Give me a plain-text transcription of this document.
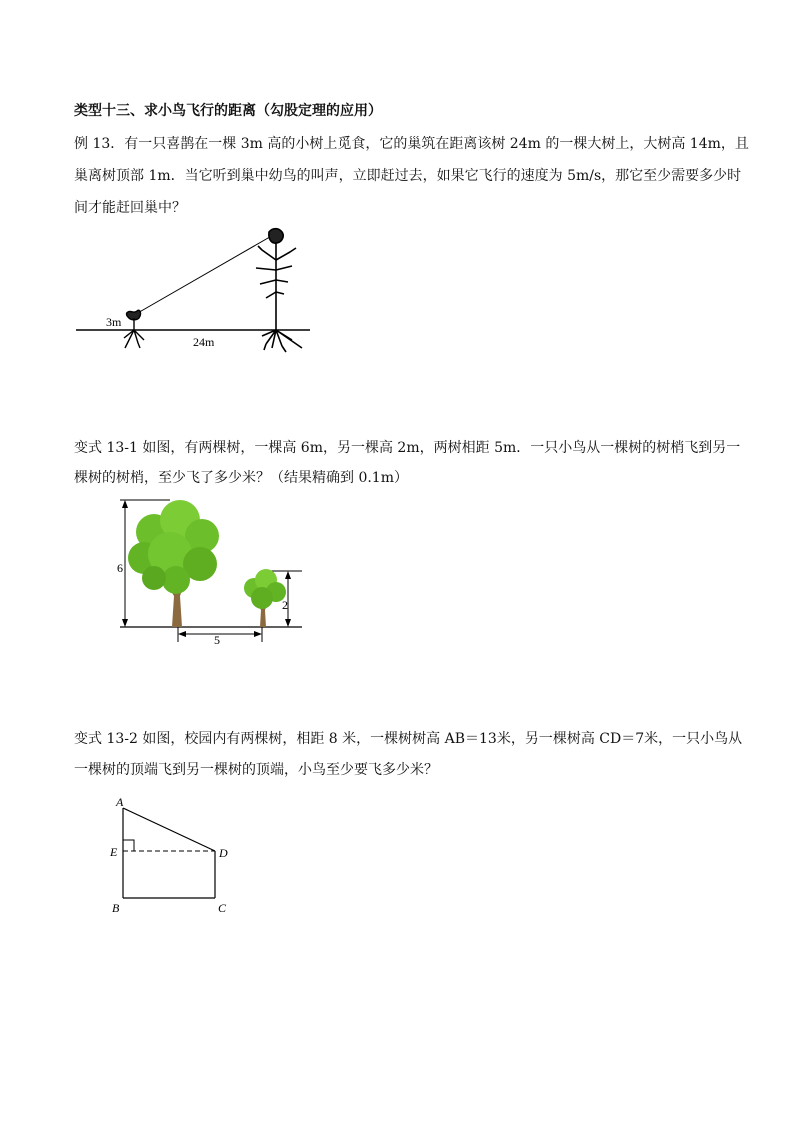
类型十三、求小鸟飞行的距离（勾股定理的应用）
例 13．有一只喜鹊在一棵 3m 高的小树上觅食，它的巢筑在距离该树 24m 的一棵大树上，大树高 14m，且
巢离树顶部 1m．当它听到巢中幼鸟的叫声，立即赶过去，如果它飞行的速度为 5m/s，那它至少需要多少时
间才能赶回巢中？
3m
24m
变式 13-1 如图，有两棵树，一棵高 6m，另一棵高 2m，两树相距 5m．一只小鸟从一棵树的树梢飞到另一
棵树的树梢，至少飞了多少米？（结果精确到 0.1m）
6
2
5
变式 13-2 如图，校园内有两棵树，相距 8 米，一棵树树高 AB＝13米，另一棵树高 CD＝7米，一只小鸟从
一棵树的顶端飞到另一棵树的顶端，小鸟至少要飞多少米？
A
E
B	C
D
